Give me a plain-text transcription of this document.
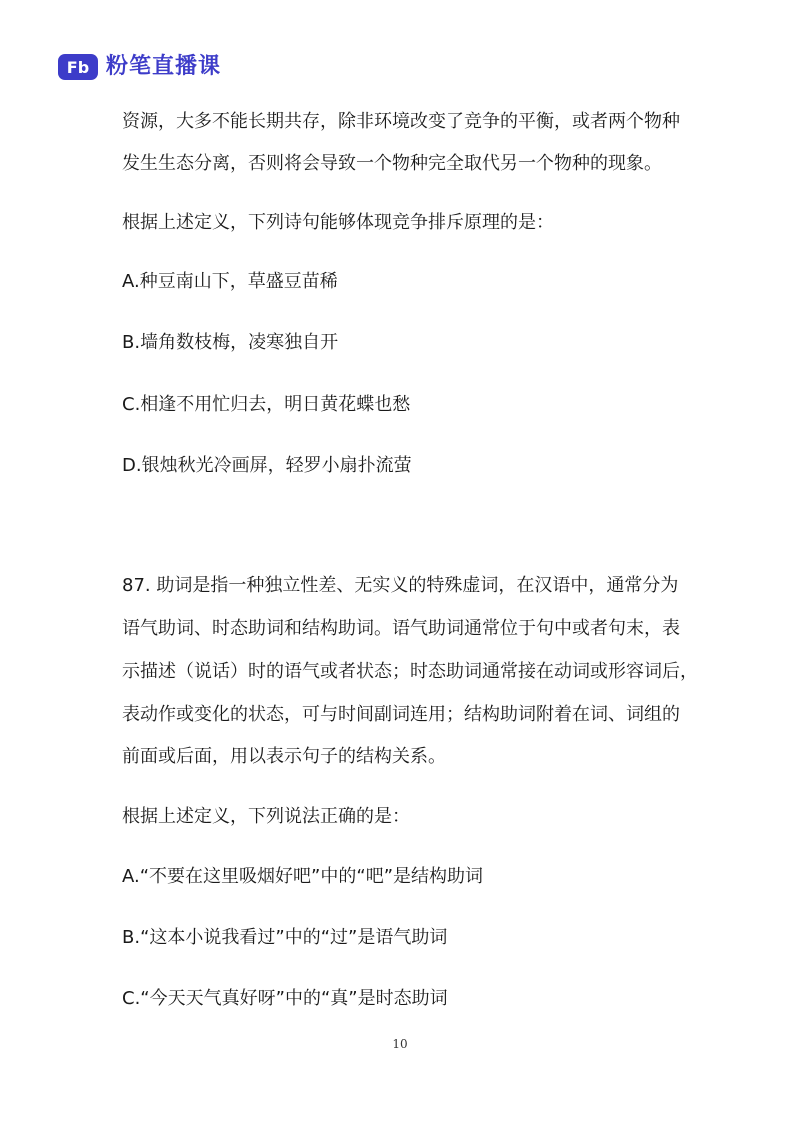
Fb 粉笔直播课
资源，大多不能长期共存，除非环境改变了竞争的平衡，或者两个物种
发生生态分离，否则将会导致一个物种完全取代另一个物种的现象。
根据上述定义，下列诗句能够体现竞争排斥原理的是：
A.种豆南山下，草盛豆苗稀
B.墙角数枝梅，凌寒独自开
C.相逢不用忙归去，明日黄花蝶也愁
D.银烛秋光冷画屏，轻罗小扇扑流萤
87. 助词是指一种独立性差、无实义的特殊虚词，在汉语中，通常分为
语气助词、时态助词和结构助词。语气助词通常位于句中或者句末，表
示描述（说话）时的语气或者状态；时态助词通常接在动词或形容词后，
表动作或变化的状态，可与时间副词连用；结构助词附着在词、词组的
前面或后面，用以表示句子的结构关系。
根据上述定义，下列说法正确的是：
A.“不要在这里吸烟好吧”中的“吧”是结构助词
B.“这本小说我看过”中的“过”是语气助词
C.“今天天气真好呀”中的“真”是时态助词
10
